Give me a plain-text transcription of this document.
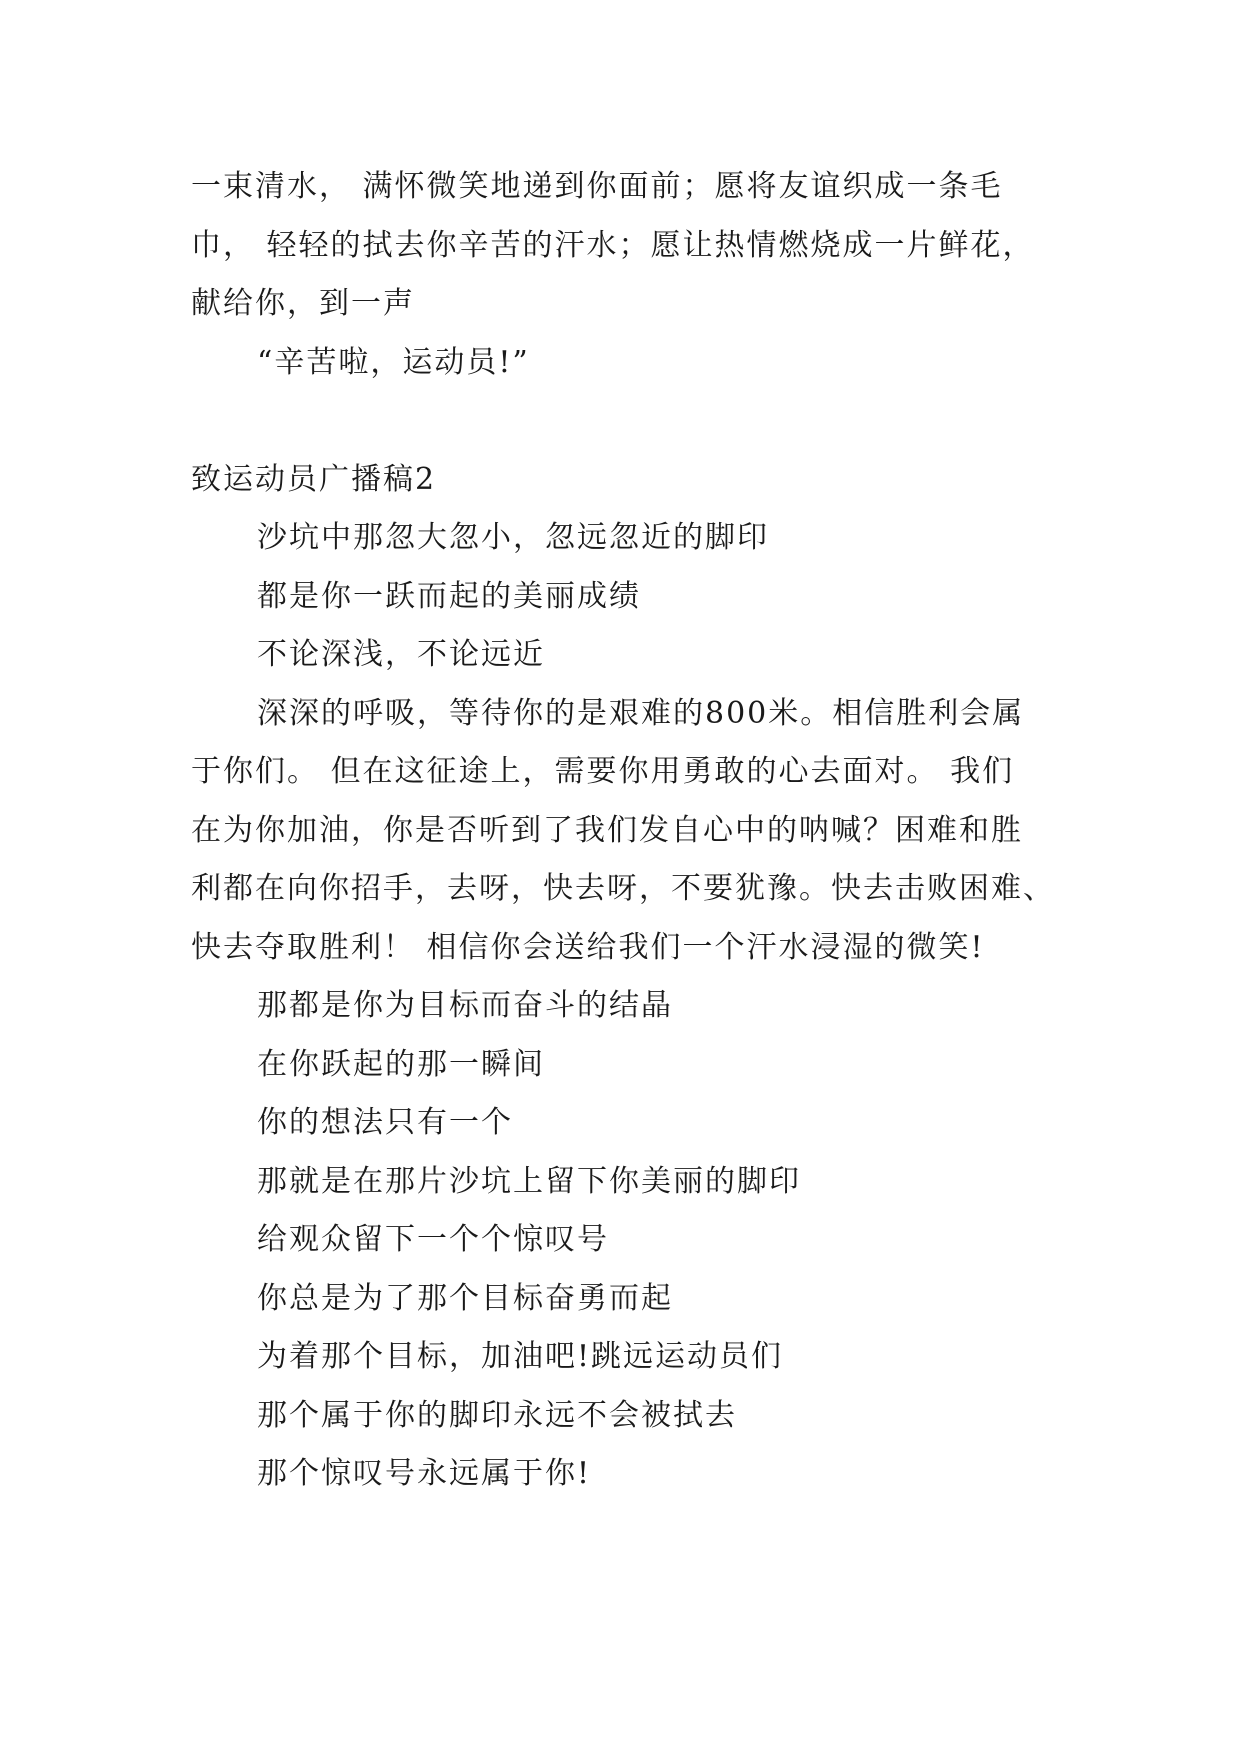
一束清水， 满怀微笑地递到你面前；愿将友谊织成一条毛
巾， 轻轻的拭去你辛苦的汗水；愿让热情燃烧成一片鲜花，
献给你，到一声
“辛苦啦，运动员!”
致运动员广播稿2
沙坑中那忽大忽小，忽远忽近的脚印
都是你一跃而起的美丽成绩
不论深浅，不论远近
深深的呼吸，等待你的是艰难的800米。相信胜利会属
于你们。 但在这征途上，需要你用勇敢的心去面对。 我们
在为你加油，你是否听到了我们发自心中的呐喊？困难和胜
利都在向你招手，去呀，快去呀，不要犹豫。快去击败困难、
快去夺取胜利！ 相信你会送给我们一个汗水浸湿的微笑!
那都是你为目标而奋斗的结晶
在你跃起的那一瞬间
你的想法只有一个
那就是在那片沙坑上留下你美丽的脚印
给观众留下一个个惊叹号
你总是为了那个目标奋勇而起
为着那个目标，加油吧!跳远运动员们
那个属于你的脚印永远不会被拭去
那个惊叹号永远属于你!
